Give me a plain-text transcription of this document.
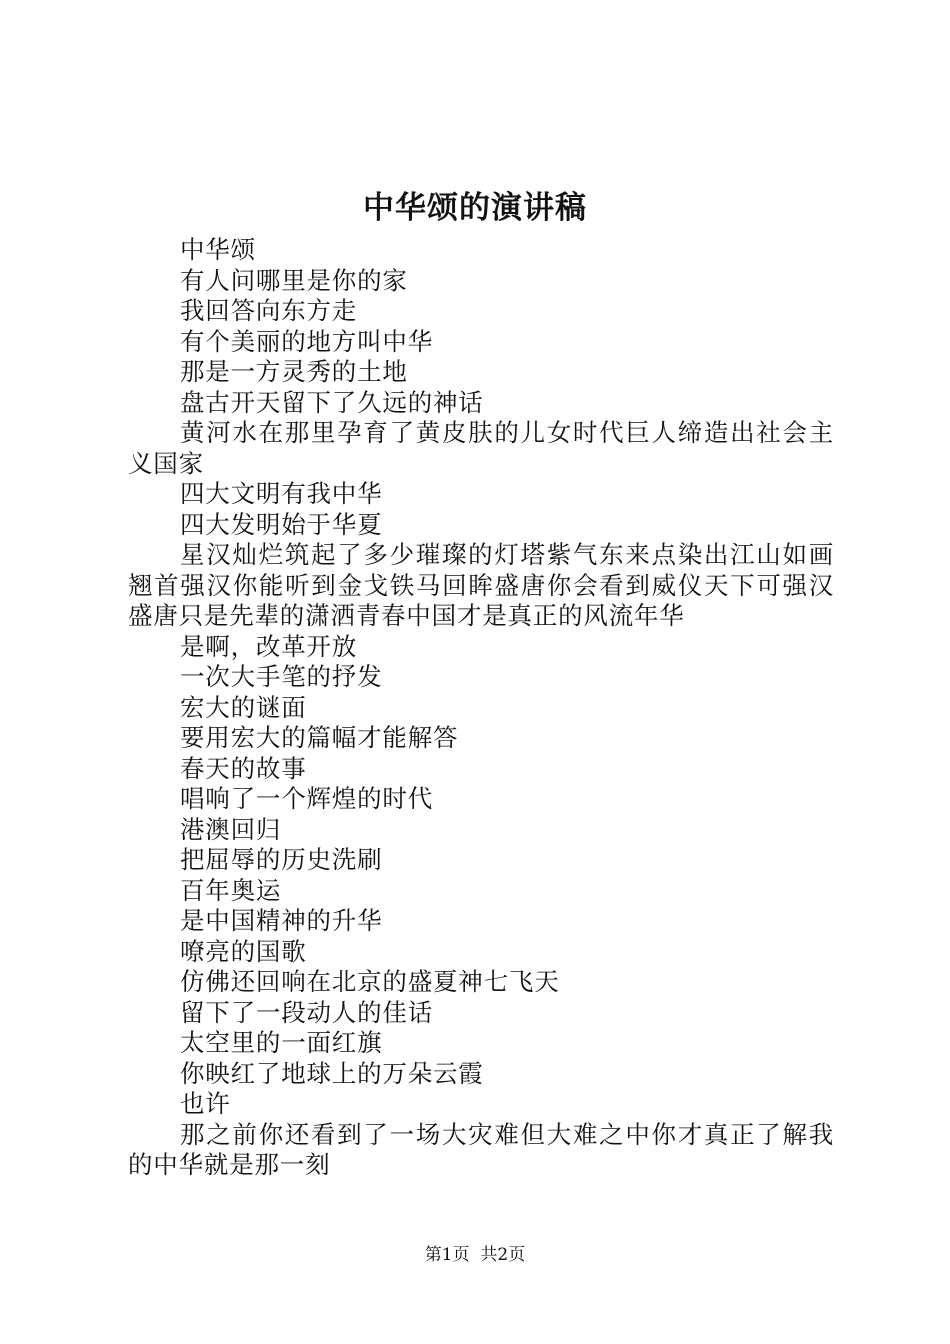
中华颂的演讲稿

中华颂

有人问哪里是你的家

我回答向东方走

有个美丽的地方叫中华

那是一方灵秀的土地

盘古开天留下了久远的神话

黄河水在那里孕育了黄皮肤的儿女时代巨人缔造出社会主义国家

四大文明有我中华

四大发明始于华夏

星汉灿烂筑起了多少璀璨的灯塔紫气东来点染出江山如画翘首强汉你能听到金戈铁马回眸盛唐你会看到威仪天下可强汉盛唐只是先辈的潇洒青春中国才是真正的风流年华

是啊，改革开放

一次大手笔的抒发

宏大的谜面

要用宏大的篇幅才能解答

春天的故事

唱响了一个辉煌的时代

港澳回归

把屈辱的历史洗刷

百年奥运

是中国精神的升华

嘹亮的国歌

仿佛还回响在北京的盛夏神七飞天

留下了一段动人的佳话

太空里的一面红旗

你映红了地球上的万朵云霞

也许

那之前你还看到了一场大灾难但大难之中你才真正了解我的中华就是那一刻

第1页 共2页
